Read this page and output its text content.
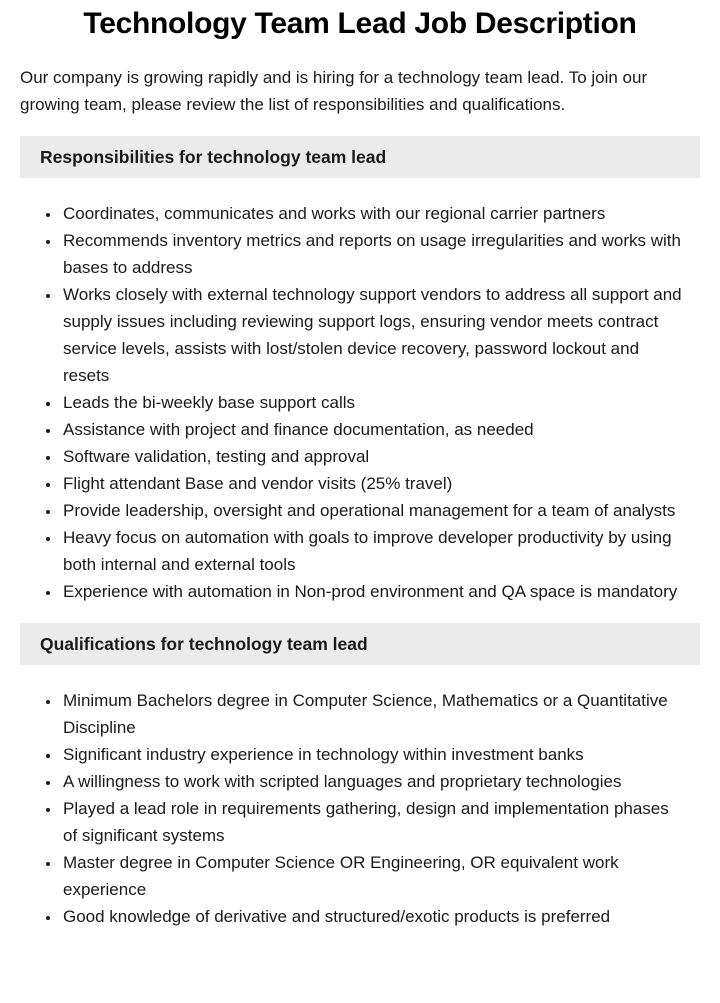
Technology Team Lead Job Description

Our company is growing rapidly and is hiring for a technology team lead. To join our growing team, please review the list of responsibilities and qualifications.

Responsibilities for technology team lead
• Coordinates, communicates and works with our regional carrier partners
• Recommends inventory metrics and reports on usage irregularities and works with bases to address
• Works closely with external technology support vendors to address all support and supply issues including reviewing support logs, ensuring vendor meets contract service levels, assists with lost/stolen device recovery, password lockout and resets
• Leads the bi-weekly base support calls
• Assistance with project and finance documentation, as needed
• Software validation, testing and approval
• Flight attendant Base and vendor visits (25% travel)
• Provide leadership, oversight and operational management for a team of analysts
• Heavy focus on automation with goals to improve developer productivity by using both internal and external tools
• Experience with automation in Non-prod environment and QA space is mandatory
Qualifications for technology team lead
• Minimum Bachelors degree in Computer Science, Mathematics or a Quantitative Discipline
• Significant industry experience in technology within investment banks
• A willingness to work with scripted languages and proprietary technologies
• Played a lead role in requirements gathering, design and implementation phases of significant systems
• Master degree in Computer Science OR Engineering, OR equivalent work experience
• Good knowledge of derivative and structured/exotic products is preferred
